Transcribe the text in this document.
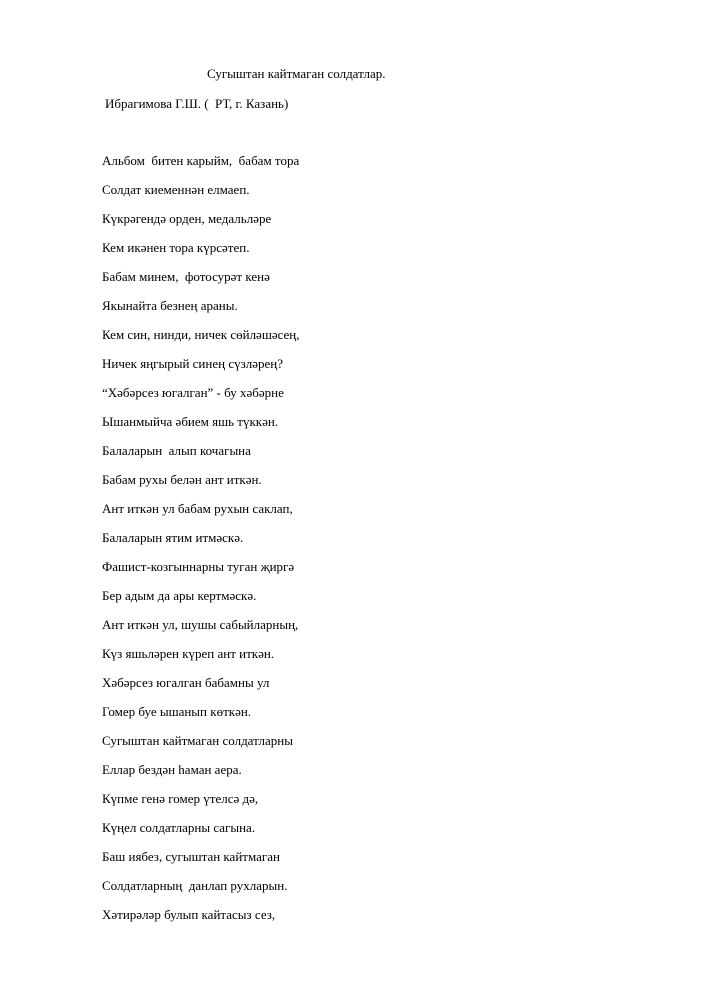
Сугыштан кайтмаган солдатлар.
Ибрагимова Г.Ш. (  РТ, г. Казань)
Альбом  битен карыйм,  бабам тора
Солдат киеменнән елмаеп.
Күкрәгендә орден, медальләре
Кем икәнен тора күрсәтеп.
Бабам минем,  фотосурәт кенә
Якынайта безнең араны.
Кем син, нинди, ничек сөйләшәсең,
Ничек яңгырый синең сүзләрең?
“Хәбәрсез югалган” - бу хәбәрне
Ышанмыйча әбием яшь түккән.
Балаларын  алып кочагына
Бабам рухы белән ант иткән.
Ант иткән ул бабам рухын саклап,
Балаларын ятим итмәскә.
Фашист-козгыннарны туган җиргә
Бер адым да ары кертмәскә.
Ант иткән ул, шушы сабыйларның,
Күз яшьләрен күреп ант иткән.
Хәбәрсез югалган бабамны ул
Гомер буе ышанып көткән.
Сугыштан кайтмаган солдатларны
Еллар бездән һаман аера.
Күпме генә гомер үтелсә дә,
Күңел солдатларны сагына.
Баш иябез, сугыштан кайтмаган
Солдатларның  данлап рухларын.
Хәтирәләр булып кайтасыз сез,
